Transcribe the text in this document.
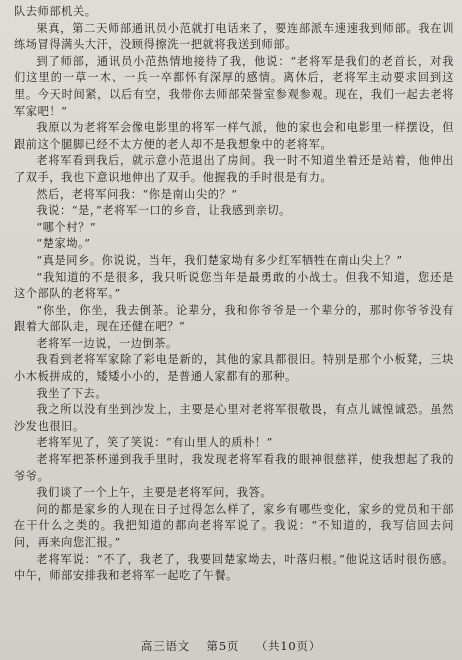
队去师部机关。

果真，第二天师部通讯员小范就打电话来了，要连部派车速速我到师部。我在训练场冒得满头大汗，没顾得擦洗一把就将我送到师部。

到了师部，通讯员小范热情地接待了我，他说：“老将军是我们的老首长，对我们这里的一草一木、一兵一卒都怀有深厚的感情。离休后，老将军主动要求回到这里。今天时间紧，以后有空，我带你去师部荣誉室参观参观。现在，我们一起去老将军家吧！”

我原以为老将军会像电影里的将军一样气派，他的家也会和电影里一样摆设，但跟前这个腿脚已经不太方便的老人却不是我想象中的老将军。

老将军看到我后，就示意小范退出了房间。我一时不知道坐着还是站着，他伸出了双手，我也下意识地伸出了双手。他握我的手时很是有力。

然后，老将军问我：“你是南山尖的？”

我说：“是，”老将军一口的乡音，让我感到亲切。

“哪个村？”

“楚家坳。”

“真是同乡。你说说，当年，我们楚家坳有多少红军牺牲在南山尖上？”

“我知道的不是很多，我只听说您当年是最勇敢的小战士。但我不知道，您还是这个部队的老将军。”

“你坐，你坐，我去倒茶。论辈分，我和你爷爷是一个辈分的，那时你爷爷没有跟着大部队走，现在还健在吧？”

老将军一边说，一边倒茶。

我看到老将军家除了彩电是新的，其他的家具都很旧。特别是那个小板凳，三块小木板拼成的，矮矮小小的，是普通人家都有的那种。

我坐了下去。

我之所以没有坐到沙发上，主要是心里对老将军很敬畏，有点儿诚惶诚恐。虽然沙发也很旧。

老将军见了，笑了笑说：“有山里人的质朴！”

老将军把茶杯递到我手里时，我发现老将军看我的眼神很慈祥，使我想起了我的爷爷。

我们谈了一个上午，主要是老将军问，我答。

问的都是家乡的人现在日子过得怎么样了，家乡有哪些变化，家乡的党员和干部在干什么之类的。我把知道的都向老将军说了。我说：“不知道的，我写信回去问问，再来向您汇报。”

老将军说：“不了，我老了，我要回楚家坳去，叶落归根。”他说这话时很伤感。中午，师部安排我和老将军一起吃了午餐。

高三语文 第5页 （共10页）
